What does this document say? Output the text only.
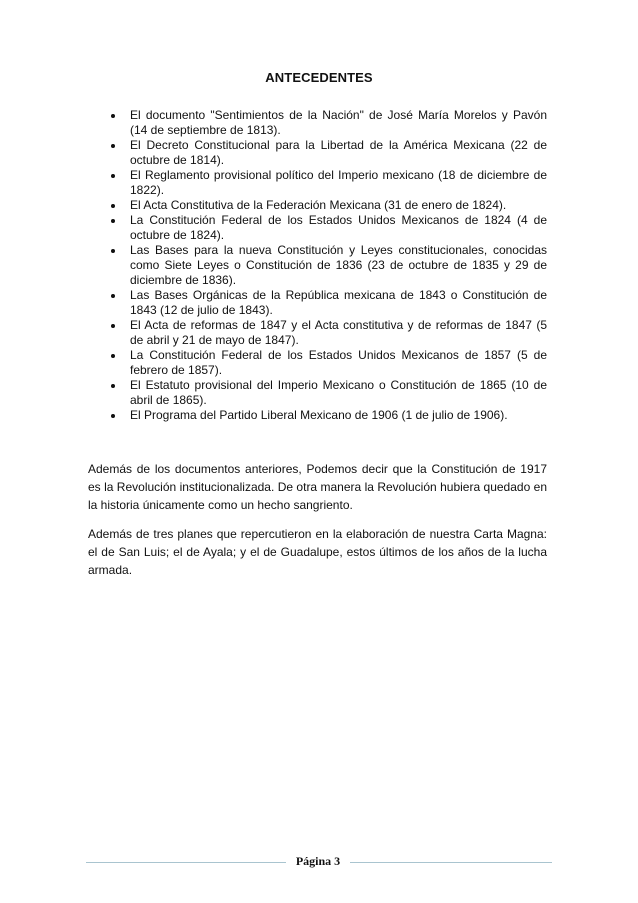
ANTECEDENTES
El documento "Sentimientos de la Nación" de José María Morelos y Pavón (14 de septiembre de 1813).
El Decreto Constitucional para la Libertad de la América Mexicana (22 de octubre de 1814).
El Reglamento provisional político del Imperio mexicano (18 de diciembre de 1822).
El Acta Constitutiva de la Federación Mexicana (31 de enero de 1824).
La Constitución Federal de los Estados Unidos Mexicanos de 1824 (4 de octubre de 1824).
Las Bases para la nueva Constitución y Leyes constitucionales, conocidas como Siete Leyes o Constitución de 1836 (23 de octubre de 1835 y 29 de diciembre de 1836).
Las Bases Orgánicas de la República mexicana de 1843 o Constitución de 1843 (12 de julio de 1843).
El Acta de reformas de 1847 y el Acta constitutiva y de reformas de 1847 (5 de abril y 21 de mayo de 1847).
La Constitución Federal de los Estados Unidos Mexicanos de 1857 (5 de febrero de 1857).
El Estatuto provisional del Imperio Mexicano o Constitución de 1865 (10 de abril de 1865).
El Programa del Partido Liberal Mexicano de 1906 (1 de julio de 1906).

Además de los documentos anteriores, Podemos decir que la Constitución de 1917 es la Revolución institucionalizada. De otra manera la Revolución hubiera quedado en la historia únicamente como un hecho sangriento.

Además de tres planes que repercutieron en la elaboración de nuestra Carta Magna: el de San Luis; el de Ayala; y el de Guadalupe, estos últimos de los años de la lucha armada.

Página 3
